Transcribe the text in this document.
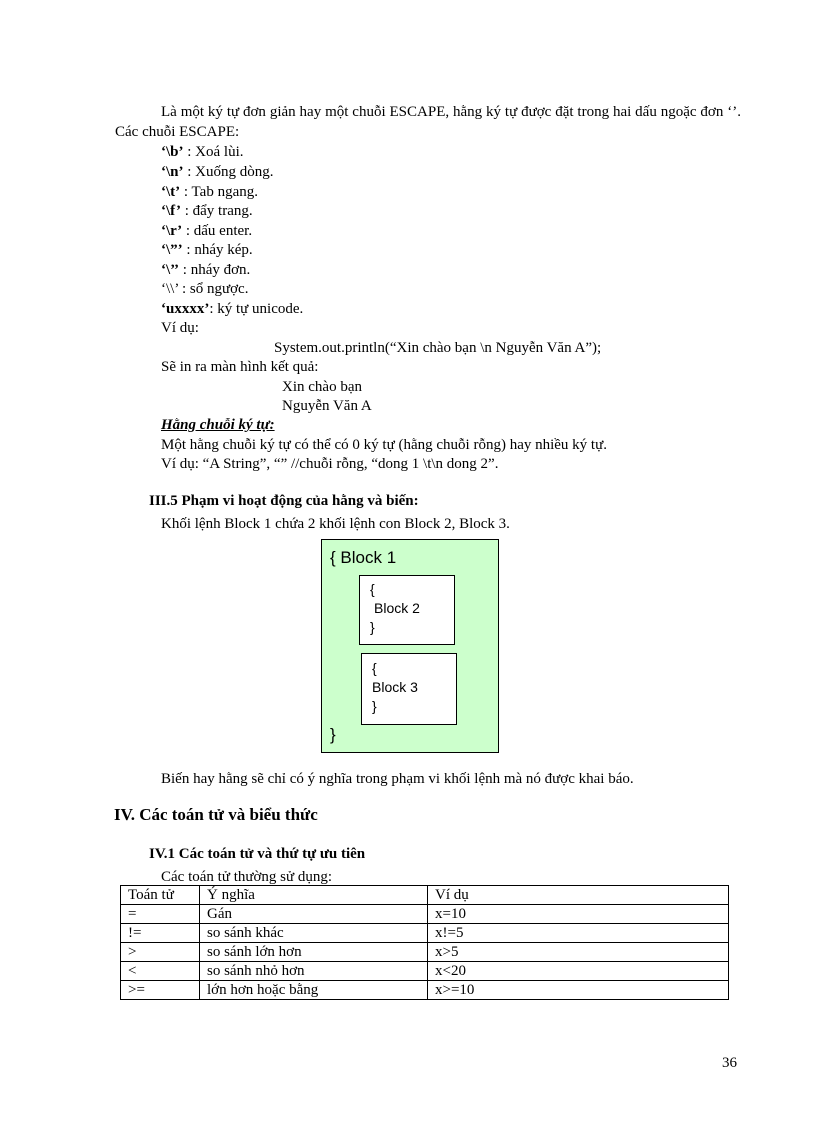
Là một ký tự đơn giản hay một chuỗi ESCAPE, hằng ký tự được đặt trong hai dấu ngoặc đơn ‘’. Các chuỗi ESCAPE:
‘\b’ : Xoá lùi.
‘\n’ : Xuống dòng.
‘\t’ : Tab ngang.
‘\f’ : đẩy trang.
‘\r’ : dấu enter.
‘\”’ : nháy kép.
‘\’’ : nháy đơn.
‘\\’ : sổ ngược.
‘uxxxx’: ký tự unicode.
Ví dụ:
System.out.println(“Xin chào bạn \n Nguyễn Văn A”);
Sẽ in ra màn hình kết quả:
Xin chào bạn
Nguyễn Văn A
Hằng chuỗi ký tự:
Một hằng chuỗi ký tự có thể có 0 ký tự (hằng chuỗi rỗng) hay nhiều ký tự.
Ví dụ: “A String”, “” //chuỗi rỗng, “dong 1 \t\n dong 2”.
III.5 Phạm vi hoạt động của hằng và biến:
Khối lệnh Block 1 chứa 2 khối lệnh con Block 2, Block 3.
{ Block 1
}
{
Block 2
}
{
Block 3
}
Biến hay hằng sẽ chỉ có ý nghĩa trong phạm vi khối lệnh mà nó được khai báo.
IV. Các toán tử và biểu thức
IV.1 Các toán tử và thứ tự ưu tiên
Các toán tử thường sử dụng:
Toán tử	Ý nghĩa	Ví dụ
=	Gán	x=10
!=	so sánh khác	x!=5
>	so sánh lớn hơn	x>5
<	so sánh nhỏ hơn	x<20
>=	lớn hơn hoặc bằng	x>=10
36
